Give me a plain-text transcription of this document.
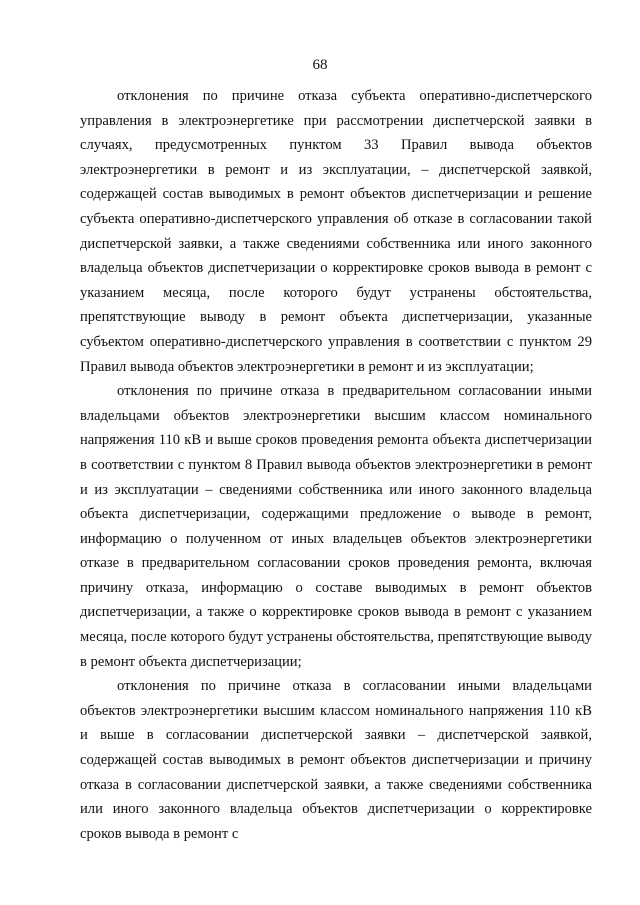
68

отклонения по причине отказа субъекта оперативно-диспетчерского управления в электроэнергетике при рассмотрении диспетчерской заявки в случаях, предусмотренных пунктом 33 Правил вывода объектов электроэнергетики в ремонт и из эксплуатации, – диспетчерской заявкой, содержащей состав выводимых в ремонт объектов диспетчеризации и решение субъекта оперативно-диспетчерского управления об отказе в согласовании такой диспетчерской заявки, а также сведениями собственника или иного законного владельца объектов диспетчеризации о корректировке сроков вывода в ремонт с указанием месяца, после которого будут устранены обстоятельства, препятствующие выводу в ремонт объекта диспетчеризации, указанные субъектом оперативно-диспетчерского управления в соответствии с пунктом 29 Правил вывода объектов электроэнергетики в ремонт и из эксплуатации;

отклонения по причине отказа в предварительном согласовании иными владельцами объектов электроэнергетики высшим классом номинального напряжения 110 кВ и выше сроков проведения ремонта объекта диспетчеризации в соответствии с пунктом 8 Правил вывода объектов электроэнергетики в ремонт и из эксплуатации – сведениями собственника или иного законного владельца объекта диспетчеризации, содержащими предложение о выводе в ремонт, информацию о полученном от иных владельцев объектов электроэнергетики отказе в предварительном согласовании сроков проведения ремонта, включая причину отказа, информацию о составе выводимых в ремонт объектов диспетчеризации, а также о корректировке сроков вывода в ремонт с указанием месяца, после которого будут устранены обстоятельства, препятствующие выводу в ремонт объекта диспетчеризации;

отклонения по причине отказа в согласовании иными владельцами объектов электроэнергетики высшим классом номинального напряжения 110 кВ и выше в согласовании диспетчерской заявки – диспетчерской заявкой, содержащей состав выводимых в ремонт объектов диспетчеризации и причину отказа в согласовании диспетчерской заявки, а также сведениями собственника или иного законного владельца объектов диспетчеризации о корректировке сроков вывода в ремонт с
